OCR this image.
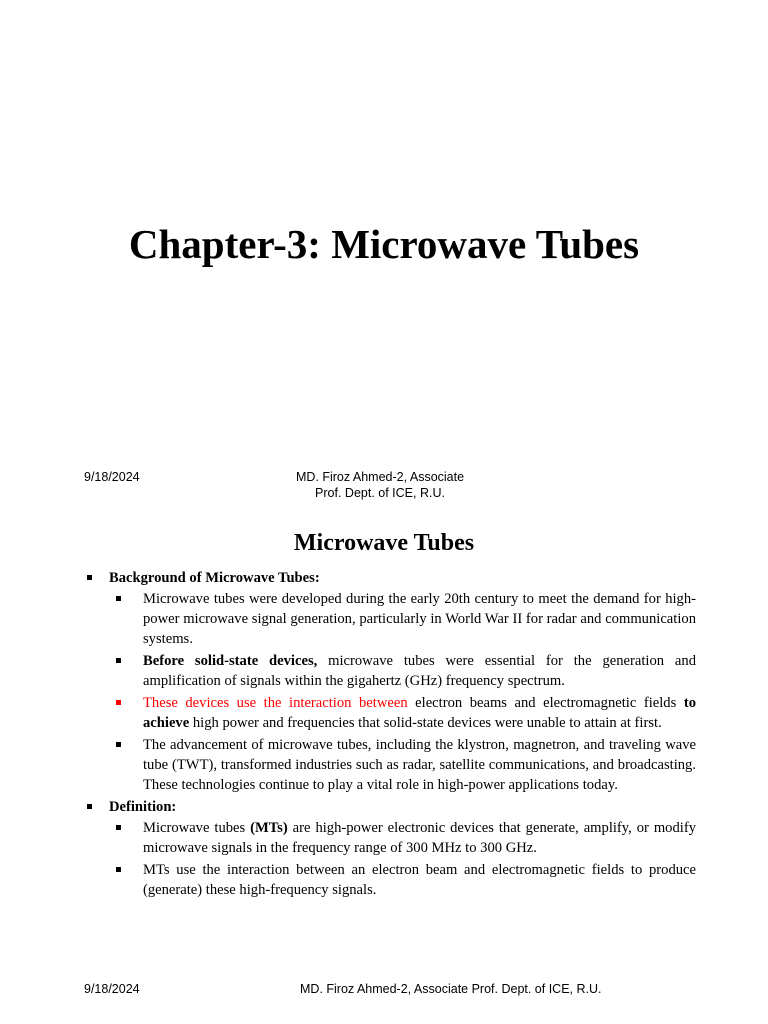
Chapter-3: Microwave Tubes
9/18/2024	MD. Firoz Ahmed-2, Associate
Prof. Dept. of ICE, R.U.
Microwave Tubes
Background of Microwave Tubes:
Microwave tubes were developed during the early 20th century to meet the demand for high-power microwave signal generation, particularly in World War II for radar and communication systems.
Before solid-state devices, microwave tubes were essential for the generation and amplification of signals within the gigahertz (GHz) frequency spectrum.
These devices use the interaction between electron beams and electromagnetic fields to achieve high power and frequencies that solid-state devices were unable to attain at first.
The advancement of microwave tubes, including the klystron, magnetron, and traveling wave tube (TWT), transformed industries such as radar, satellite communications, and broadcasting. These technologies continue to play a vital role in high-power applications today.
Definition:
Microwave tubes (MTs) are high-power electronic devices that generate, amplify, or modify microwave signals in the frequency range of 300 MHz to 300 GHz.
MTs use the interaction between an electron beam and electromagnetic fields to produce (generate) these high-frequency signals.
9/18/2024	MD. Firoz Ahmed-2, Associate Prof. Dept. of ICE, R.U.
